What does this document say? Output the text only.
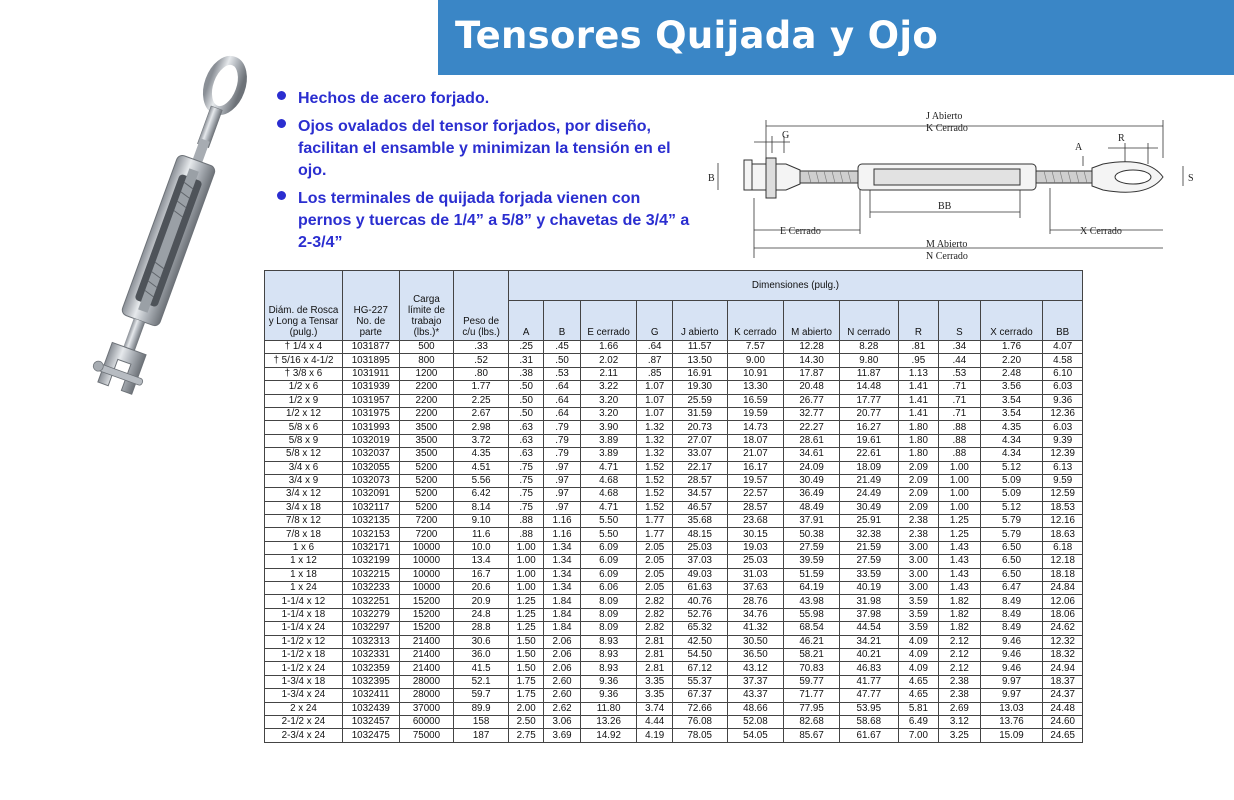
Tensores Quijada y Ojo
Hechos de acero forjado.
Ojos ovalados del tensor forjados, por diseño, facilitan el ensamble y minimizan la tensión en el ojo.
Los terminales de quijada forjada vienen con pernos y tuercas de 1/4” a 5/8” y chavetas de 3/4” a 2-3/4”
J Abierto
K Cerrado
G	R
A
B	S
BB
E Cerrado	X Cerrado
M Abierto
N Cerrado
Diám. de Rosca y Long a Tensar (pulg.)	HG-227 No. de parte	Carga límite de trabajo (lbs.)*	Peso de c/u (lbs.)	Dimensiones (pulg.)											
				A	B	E cerrado	G	J abierto	K cerrado	M abierto	N cerrado	R	S	X cerrado	BB
† 1/4 x 4	1031877	500	.33	.25	.45	1.66	.64	11.57	7.57	12.28	8.28	.81	.34	1.76	4.07
† 5/16 x 4-1/2	1031895	800	.52	.31	.50	2.02	.87	13.50	9.00	14.30	9.80	.95	.44	2.20	4.58
† 3/8 x 6	1031911	1200	.80	.38	.53	2.11	.85	16.91	10.91	17.87	11.87	1.13	.53	2.48	6.10
1/2 x 6	1031939	2200	1.77	.50	.64	3.22	1.07	19.30	13.30	20.48	14.48	1.41	.71	3.56	6.03
1/2 x 9	1031957	2200	2.25	.50	.64	3.20	1.07	25.59	16.59	26.77	17.77	1.41	.71	3.54	9.36
1/2 x 12	1031975	2200	2.67	.50	.64	3.20	1.07	31.59	19.59	32.77	20.77	1.41	.71	3.54	12.36
5/8 x 6	1031993	3500	2.98	.63	.79	3.90	1.32	20.73	14.73	22.27	16.27	1.80	.88	4.35	6.03
5/8 x 9	1032019	3500	3.72	.63	.79	3.89	1.32	27.07	18.07	28.61	19.61	1.80	.88	4.34	9.39
5/8 x 12	1032037	3500	4.35	.63	.79	3.89	1.32	33.07	21.07	34.61	22.61	1.80	.88	4.34	12.39
3/4 x 6	1032055	5200	4.51	.75	.97	4.71	1.52	22.17	16.17	24.09	18.09	2.09	1.00	5.12	6.13
3/4 x 9	1032073	5200	5.56	.75	.97	4.68	1.52	28.57	19.57	30.49	21.49	2.09	1.00	5.09	9.59
3/4 x 12	1032091	5200	6.42	.75	.97	4.68	1.52	34.57	22.57	36.49	24.49	2.09	1.00	5.09	12.59
3/4 x 18	1032117	5200	8.14	.75	.97	4.71	1.52	46.57	28.57	48.49	30.49	2.09	1.00	5.12	18.53
7/8 x 12	1032135	7200	9.10	.88	1.16	5.50	1.77	35.68	23.68	37.91	25.91	2.38	1.25	5.79	12.16
7/8 x 18	1032153	7200	11.6	.88	1.16	5.50	1.77	48.15	30.15	50.38	32.38	2.38	1.25	5.79	18.63
1 x 6	1032171	10000	10.0	1.00	1.34	6.09	2.05	25.03	19.03	27.59	21.59	3.00	1.43	6.50	6.18
1 x 12	1032199	10000	13.4	1.00	1.34	6.09	2.05	37.03	25.03	39.59	27.59	3.00	1.43	6.50	12.18
1 x 18	1032215	10000	16.7	1.00	1.34	6.09	2.05	49.03	31.03	51.59	33.59	3.00	1.43	6.50	18.18
1 x 24	1032233	10000	20.6	1.00	1.34	6.06	2.05	61.63	37.63	64.19	40.19	3.00	1.43	6.47	24.84
1-1/4 x 12	1032251	15200	20.9	1.25	1.84	8.09	2.82	40.76	28.76	43.98	31.98	3.59	1.82	8.49	12.06
1-1/4 x 18	1032279	15200	24.8	1.25	1.84	8.09	2.82	52.76	34.76	55.98	37.98	3.59	1.82	8.49	18.06
1-1/4 x 24	1032297	15200	28.8	1.25	1.84	8.09	2.82	65.32	41.32	68.54	44.54	3.59	1.82	8.49	24.62
1-1/2 x 12	1032313	21400	30.6	1.50	2.06	8.93	2.81	42.50	30.50	46.21	34.21	4.09	2.12	9.46	12.32
1-1/2 x 18	1032331	21400	36.0	1.50	2.06	8.93	2.81	54.50	36.50	58.21	40.21	4.09	2.12	9.46	18.32
1-1/2 x 24	1032359	21400	41.5	1.50	2.06	8.93	2.81	67.12	43.12	70.83	46.83	4.09	2.12	9.46	24.94
1-3/4 x 18	1032395	28000	52.1	1.75	2.60	9.36	3.35	55.37	37.37	59.77	41.77	4.65	2.38	9.97	18.37
1-3/4 x 24	1032411	28000	59.7	1.75	2.60	9.36	3.35	67.37	43.37	71.77	47.77	4.65	2.38	9.97	24.37
2 x 24	1032439	37000	89.9	2.00	2.62	11.80	3.74	72.66	48.66	77.95	53.95	5.81	2.69	13.03	24.48
2-1/2 x 24	1032457	60000	158	2.50	3.06	13.26	4.44	76.08	52.08	82.68	58.68	6.49	3.12	13.76	24.60
2-3/4 x 24	1032475	75000	187	2.75	3.69	14.92	4.19	78.05	54.05	85.67	61.67	7.00	3.25	15.09	24.65
